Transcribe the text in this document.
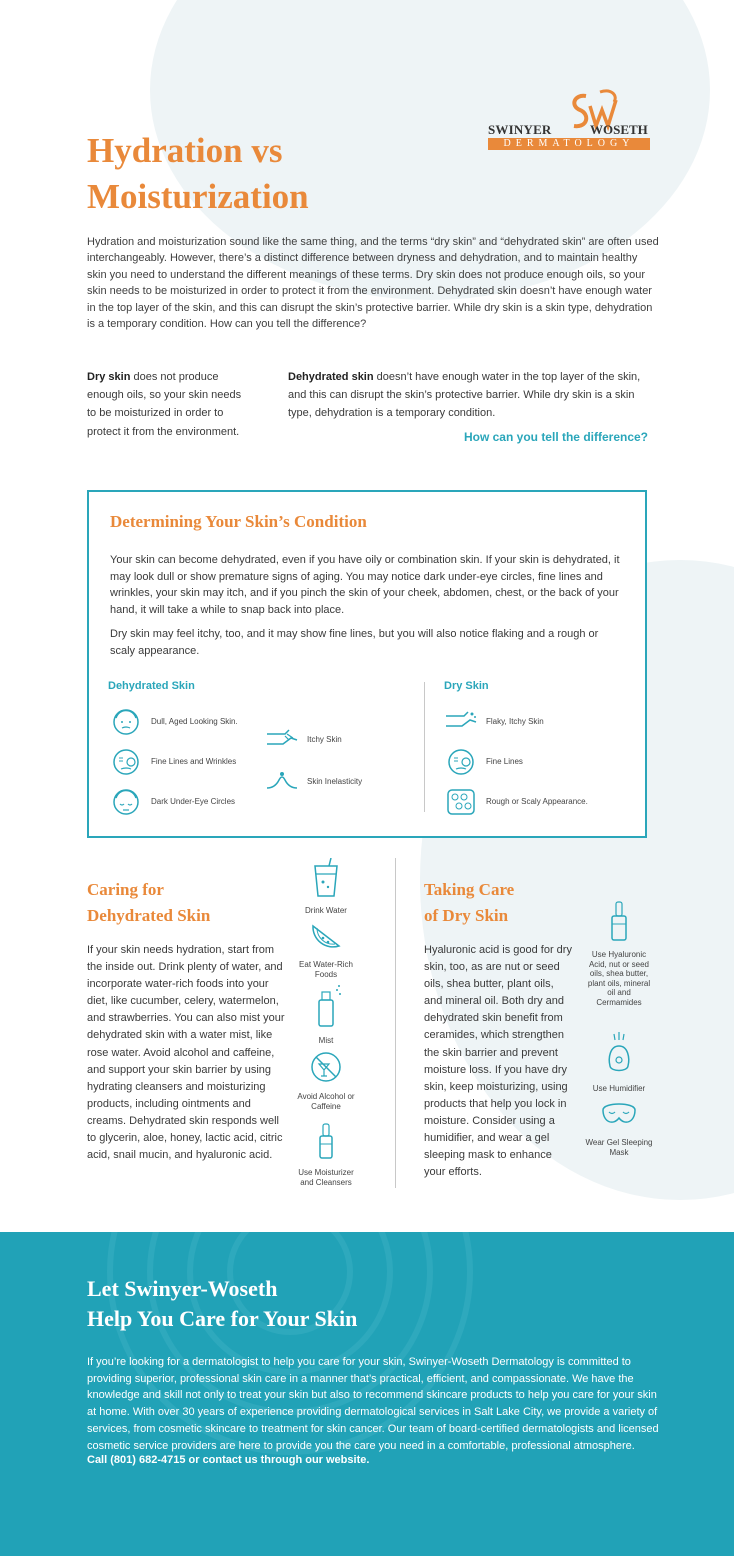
SWINYER	WOSETH
DERMATOLOGY
Hydration vs
Moisturization

Hydration and moisturization sound like the same thing, and the terms “dry skin” and “dehydrated skin” are often used interchangeably. However, there’s a distinct difference between dryness and dehydration, and to maintain healthy skin you need to understand the different meanings of these terms. Dry skin does not produce enough oils, so your skin needs to be moisturized in order to protect it from the environment. Dehydrated skin doesn’t have enough water in the top layer of the skin, and this can disrupt the skin’s protective barrier. While dry skin is a skin type, dehydration is a temporary condition. How can you tell the difference?

Dry skin does not produce enough oils, so your skin needs to be moisturized in order to protect it from the environment.

Dehydrated skin doesn’t have enough water in the top layer of the skin, and this can disrupt the skin’s protective barrier. While dry skin is a skin type, dehydration is a temporary condition.

How can you tell the difference?
Determining Your Skin’s Condition

Your skin can become dehydrated, even if you have oily or combination skin. If your skin is dehydrated, it may look dull or show premature signs of aging. You may notice dark under-eye circles, fine lines and wrinkles, your skin may itch, and if you pinch the skin of your cheek, abdomen, chest, or the back of your hand, it will take a while to snap back into place.

Dry skin may feel itchy, too, and it may show fine lines, but you will also notice flaking and a rough or scaly appearance.

Dehydrated Skin	Dry Skin
Dull, Aged Looking Skin.
Fine Lines and Wrinkles
Dark Under-Eye Circles
Itchy Skin
Skin Inelasticity
Flaky, Itchy Skin
Fine Lines
Rough or Scaly Appearance.
Caring for
Dehydrated Skin

If your skin needs hydration, start from the inside out. Drink plenty of water, and incorporate water-rich foods into your diet, like cucumber, celery, watermelon, and strawberries. You can also mist your dehydrated skin with a water mist, like rose water. Avoid alcohol and caffeine, and support your skin barrier by using hydrating cleansers and moisturizing products, including ointments and creams. Dehydrated skin responds well to glycerin, aloe, honey, lactic acid, citric acid, snail mucin, and hyaluronic acid.

Drink Water
Eat Water-Rich Foods
Mist
Avoid Alcohol or Caffeine
Use Moisturizer and Cleansers
Taking Care
of Dry Skin

Hyaluronic acid is good for dry skin, too, as are nut or seed oils, shea butter, plant oils, and mineral oil. Both dry and dehydrated skin benefit from ceramides, which strengthen the skin barrier and prevent moisture loss. If you have dry skin, keep moisturizing, using products that help you lock in moisture. Consider using a humidifier, and wear a gel sleeping mask to enhance your efforts.

Use Hyaluronic Acid, nut or seed oils, shea butter, plant oils, mineral oil and Cermamides
Use Humidifier
Wear Gel Sleeping Mask
Let Swinyer-Woseth
Help You Care for Your Skin

If you’re looking for a dermatologist to help you care for your skin, Swinyer-Woseth Dermatology is committed to providing superior, professional skin care in a manner that’s practical, efficient, and compassionate. We have the knowledge and skill not only to treat your skin but also to recommend skincare products to help you care for your skin at home. With over 30 years of experience providing dermatological services in Salt Lake City, we provide a variety of services, from cosmetic skincare to treatment for skin cancer. Our team of board-certified dermatologists and licensed cosmetic service providers are here to provide you the care you need in a comfortable, professional atmosphere.

Call (801) 682-4715 or contact us through our website.
